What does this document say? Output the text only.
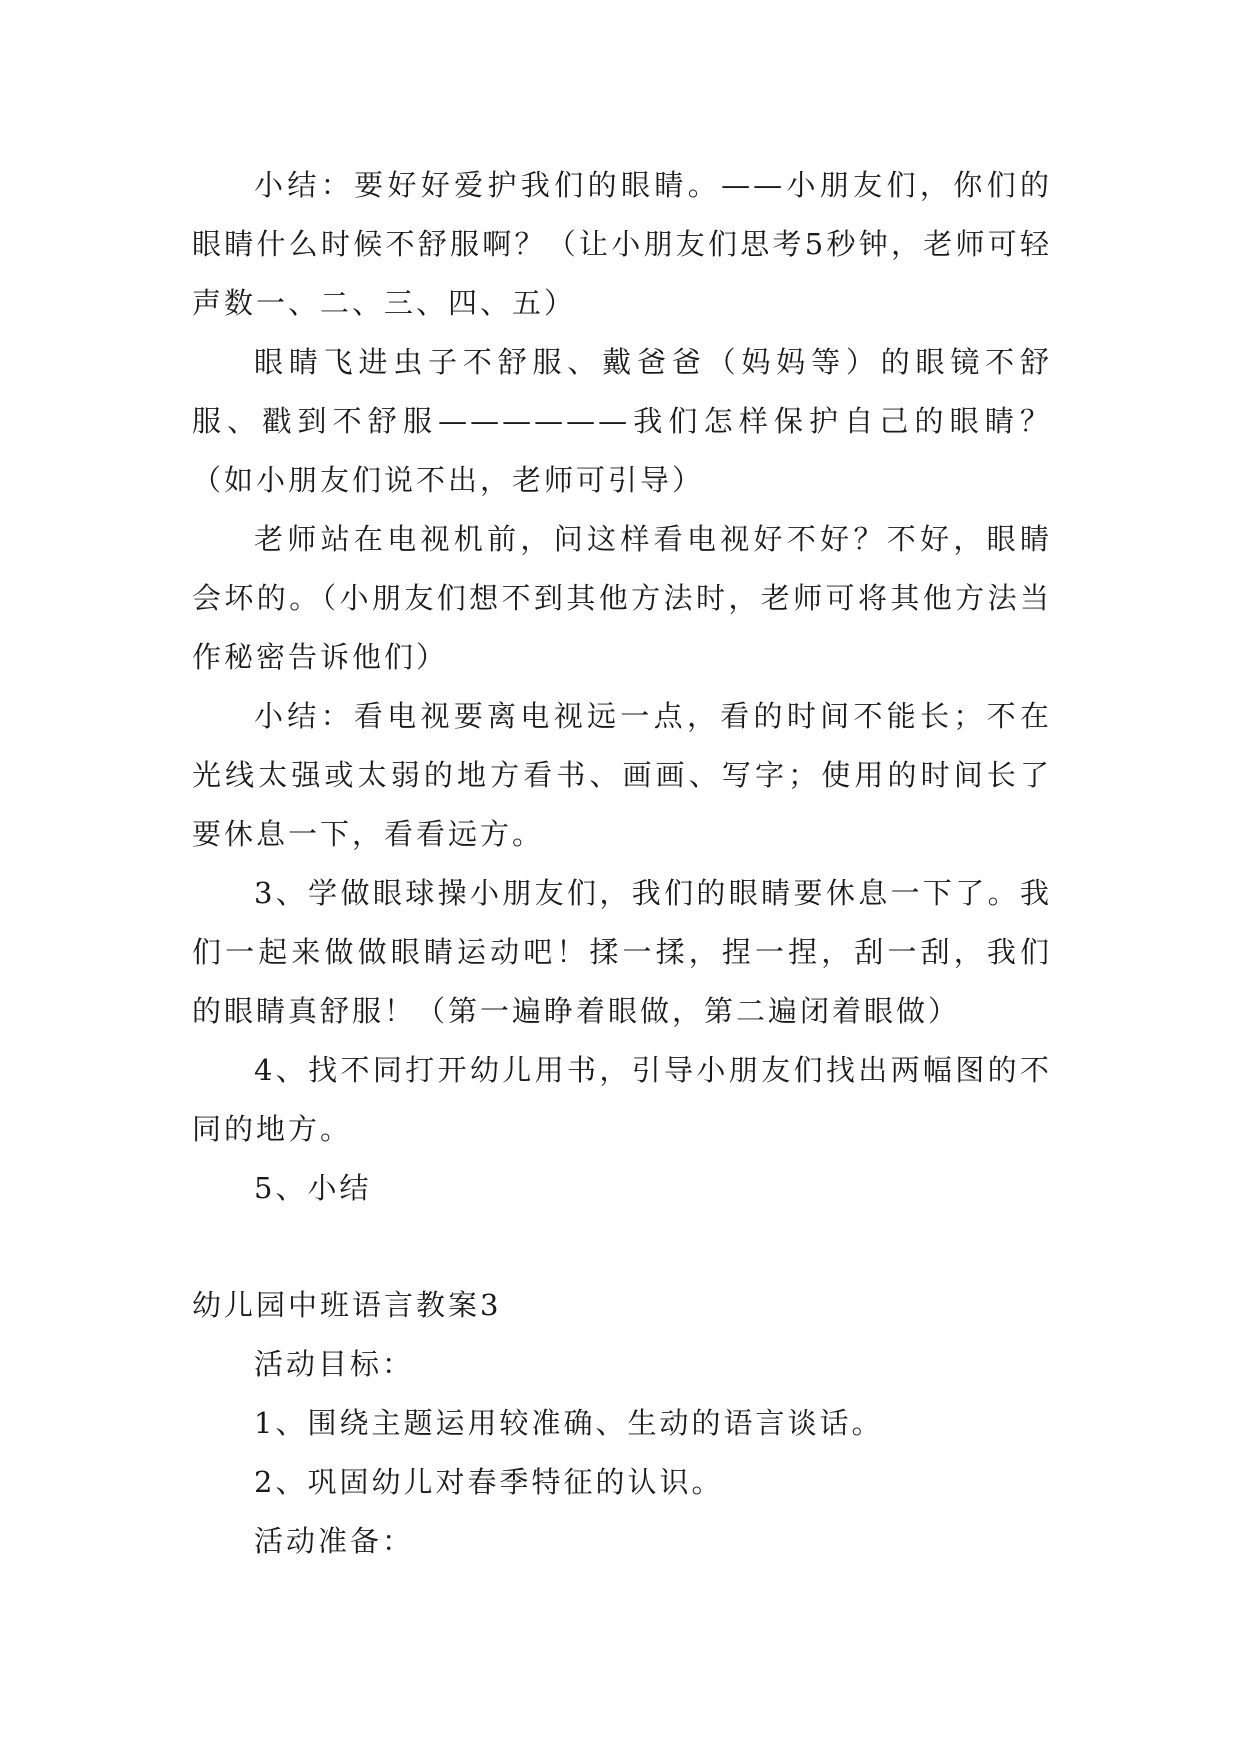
小结：要好好爱护我们的眼睛。——小朋友们，你们的眼睛什么时候不舒服啊？（让小朋友们思考5秒钟，老师可轻声数一、二、三、四、五）

眼睛飞进虫子不舒服、戴爸爸（妈妈等）的眼镜不舒服、戳到不舒服——————我们怎样保护自己的眼睛？（如小朋友们说不出，老师可引导）

老师站在电视机前，问这样看电视好不好？不好，眼睛会坏的。（小朋友们想不到其他方法时，老师可将其他方法当作秘密告诉他们）

小结：看电视要离电视远一点，看的时间不能长；不在光线太强或太弱的地方看书、画画、写字；使用的时间长了要休息一下，看看远方。

3、学做眼球操小朋友们，我们的眼睛要休息一下了。我们一起来做做眼睛运动吧！揉一揉，捏一捏，刮一刮，我们的眼睛真舒服！（第一遍睁着眼做，第二遍闭着眼做）

4、找不同打开幼儿用书，引导小朋友们找出两幅图的不同的地方。

5、小结

幼儿园中班语言教案3

活动目标：

1、围绕主题运用较准确、生动的语言谈话。

2、巩固幼儿对春季特征的认识。

活动准备：
